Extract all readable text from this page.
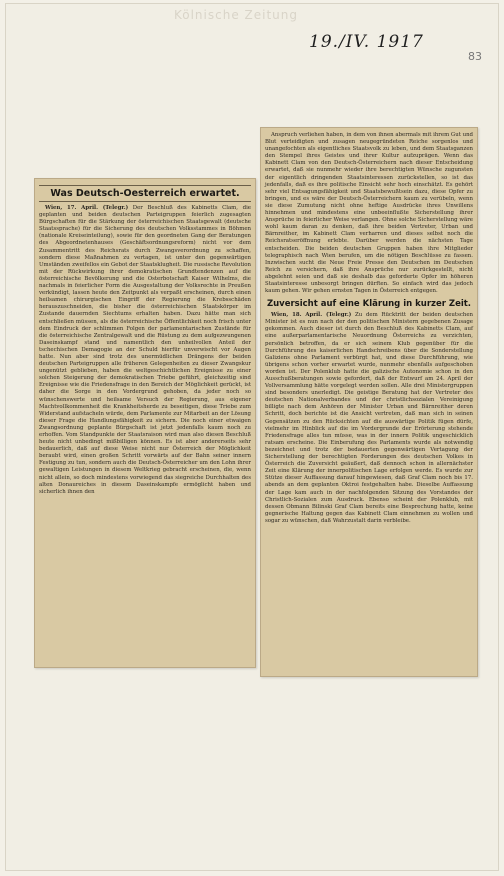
Kölnische Zeitung
19./IV. 1917
83
Was Deutsch-Oesterreich erwartet.

Wien, 17. April. (Telegr.) Der Beschluß des Kabinetts Clam, die geplanten und beiden deutschen Parteigruppen feierlich zugesagten Bürgschaften für die Stärkung der österreichischen Staatsgewalt (deutsche Staatssprache) für die Sicherung des deutschen Volksstammes in Böhmen (nationale Kreiseinteilung), sowie für den geordneten Gang der Beratungen des Abgeordnetenhauses (Geschäftsordnungsreform) nicht vor dem Zusammentritt des Reichsrats durch Zwangsverordnung zu schaffen, sondern diese Maßnahmen zu vertagen, ist unter den gegenwärtigen Umständen zweifellos ein Gebot der Staatsklugheit. Die russische Revolution mit der Rückwirkung ihrer demokratischen Grundtendenzen auf die österreichische Bevölkerung und die Osterbotschaft Kaiser Wilhelms, die nachmals in feierlicher Form die Ausgestaltung der Volksrechte in Preußen verkündigt, lassen heute den Zeitpunkt als verpaßt erscheinen, durch einen heilsamen chirurgischen Eingriff der Regierung die Krebsschäden herauszuschneiden, die bisher die österreichischen Staatskörper im Zustande dauernden Siechtums erhalten haben. Dazu hätte man sich entschließen müssen, als die österreichische Öffentlichkeit noch frisch unter dem Eindruck der schlimmen Folgen der parlamentarischen Zustände für die österreichische Zentralgewalt und die Rüstung zu dem aufgezwungenen Daseinskampf stand und namentlich den unheilvollen Anteil der tschechischen Demagogie an der Schuld hierfür unverwischt vor Augen hatte. Nun aber sind trotz des unermüdlichen Drängens der beiden deutschen Parteigruppen alle früheren Gelegenheiten zu dieser Zwangskur ungenützt geblieben, haben die weltgeschichtlichen Ereignisse zu einer solchen Steigerung der demokratischen Triebe geführt, gleichzeitig sind Ereignisse wie die Friedensfrage in den Bereich der Möglichkeit gerückt, ist daher die Sorge in den Vordergrund gehoben, da jeder noch so wünschenswerte und heilsame Versuch der Regierung, aus eigener Machtvollkommenheit die Krankheitsherde zu beseitigen, diese Triebe zum Widerstand aufstacheln würde, dem Parlamente zur Mitarbeit an der Lösung dieser Frage die Handlungsfähigkeit zu sichern. Die noch einer etwaigen Zwangsordnung geplante Bürgschaft ist jetzt jedenfalls kaum noch zu erhoffen. Vom Standpunkte der Staatsraison wird man also diesen Beschluß heute nicht unbedingt mißbilligen können. Es ist aber andererseits sehr bedauerlich, daß auf diese Weise nicht nur Österreich der Möglichkeit beraubt wird, einen großen Schritt vorwärts auf der Bahn seiner innern Festigung zu tun, sondern auch die Deutsch-Österreicher um den Lohn ihrer gewaltigen Leistungen in diesem Weltkrieg gebracht erscheinen, die, wenn nicht allein, so doch mindestens vorwiegend das siegreiche Durchhalten des alten Donaureiches in diesem Daseinskampfe ermöglicht haben und sicherlich ihnen den

Anspruch verliehen haben, in dem von ihnen abermals mit ihrem Gut und Blut verteidigten und zusagen neugegründeten Reiche sorgenlos und unangefochten als eigentliches Staatsvolk zu leben, und dem Staatsganzen den Stempel ihres Geistes und ihrer Kultur aufzuprägen. Wenn das Kabinett Clam von den Deutsch-Österreichern nach dieser Entscheidung erwartet, daß sie nunmehr wieder ihre berechtigten Wünsche zugunsten der eigentlich dringenden Staatsinteressen zurückstellen, so ist das jedenfalls, daß es ihre politische Einsicht sehr hoch einschätzt. Es gehört sehr viel Entsagungsfähigkeit und Staatsbewußtsein dazu, diese Opfer zu bringen, und es wäre der Deutsch-Österreichern kaum zu verübeln, wenn sie diese Zumutung nicht ohne heftige Ausdrücke ihres Unwillens hinnehmen und mindestens eine unbeeinflußte Sicherstellung ihrer Ansprüche in feierlicher Weise verlangen. Ohne solche Sicherstellung wäre wohl kaum daran zu denken, daß ihre beiden Vertreter, Urban und Bärnreither, im Kabinett Clam verharren und dieses selbst noch die Reichsratseröffnung erlebte. Darüber werden die nächsten Tage entscheiden. Die beiden deutschen Gruppen haben ihre Mitglieder telegraphisch nach Wien berufen, um die nötigen Beschlüsse zu fassen. Inzwischen sucht die Neue Freie Presse den Deutschen im Deutschen Reich zu versichern, daß ihre Ansprüche nur zurückgestellt, nicht abgelehnt seien und daß sie deshalb das geforderte Opfer im höheren Staatsinteresse unbesorgt bringen dürften. So einfach wird das jedoch kaum gehen. Wir gehen ernsten Tagen in Österreich entgegen.

Zuversicht auf eine Klärung in kurzer Zeit.

Wien, 18. April. (Telegr.) Zu dem Rücktritt der beiden deutschen Minister ist es nun nach der den politischen Ministern gegebenen Zusage gekommen. Auch dieser ist durch den Beschluß des Kabinetts Clam, auf eine außerparlamentarische Neuordnung Österreichs zu verzichten, persönlich betroffen, da er sich seinem Klub gegenüber für die Durchführung des kaiserlichen Handschreibens über die Sonderstellung Galiziens ohne Parlament verbürgt hat, und diese Durchführung, wie übrigens schon vorher erwartet wurde, nunmehr ebenfalls aufgeschoben worden ist. Der Polenklub hatte die galizische Autonomie schon in den Ausschußberatungen sowie gefordert, daß der Entwurf am 24. April der Vollversammlung hätte vorgelegt werden sollen. Alle drei Ministergruppen sind besonders unerledigt. Die geistige Beratung hat der Vertreter des deutschen Nationalverbandes und der christlichsozialen Vereinigung billigte nach dem Anhören der Minister Urban und Bärnreither deren Schritt, doch berichte ist die Ansicht vertreten, daß man sich in seinen Gegensätzen zu den Rücksichten auf die auswärtige Politik fügen dürfe, vielmehr im Hinblick auf die im Vordergrunde der Erörterung stehende Friedensfrage alles tun müsse, was in der innern Politik ungeschicklich ratsam erscheine. Die Einberufung des Parlaments wurde als notwendig bezeichnet und trotz der bedauerten gegenwärtigen Vertagung der Sicherstellung der berechtigten Forderungen des deutschen Volkes in Österreich die Zuversicht geäußert, daß dennoch schon in allernächster Zeit eine Klärung der innerpolitischen Lage erfolgen werde. Es wurde zur Stütze dieser Auffassung darauf hingewiesen, daß Graf Clam noch bis 17. abends an dem geplanten Oktroi festgehalten habe. Dieselbe Auffassung der Lage kam auch in der nachfolgenden Sitzung des Vorstandes der Christlich-Sozialen zum Ausdruck. Ebenso scheint der Polenklub, mit dessen Obmann Bilinski Graf Clam bereits eine Besprechung hatte, keine gegnerische Haltung gegen das Kabinett Clam einnehmen zu wollen und sogar zu wünschen, daß Wahrzustalt darin verbleibe.
